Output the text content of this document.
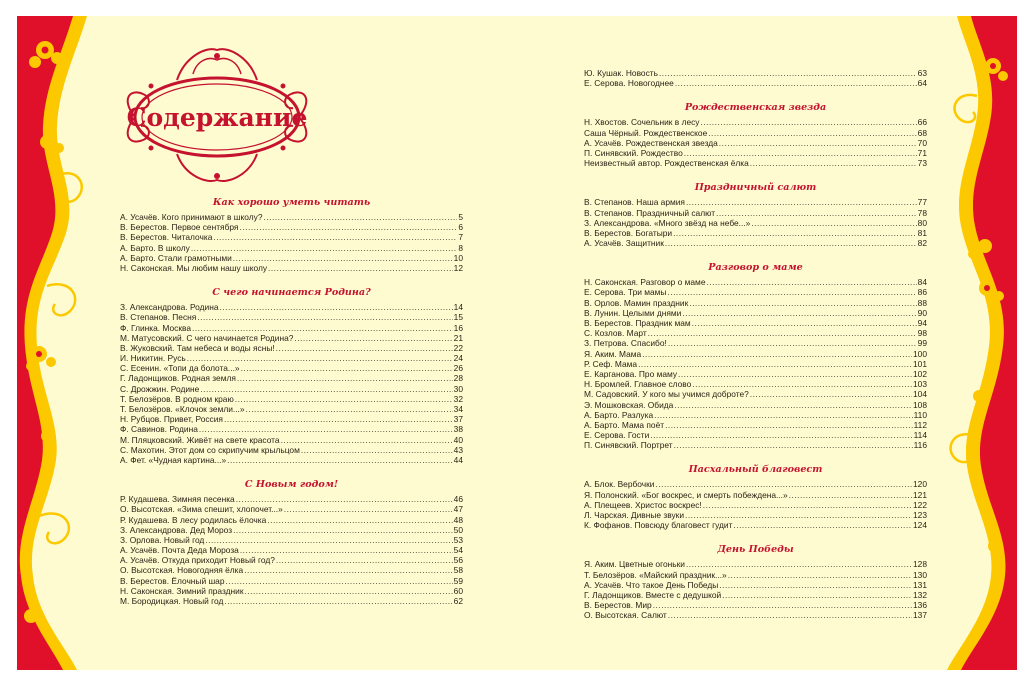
Содержание
Как хорошо уметь читать
А. Усачёв. Кого принимают в школу? .....	5
В. Берестов. Первое сентября .....	6
В. Берестов. Читалочка .....	7
А. Барто. В школу .....	8
А. Барто. Стали грамотными .....	10
Н. Саконская. Мы любим нашу школу .....	12
С чего начинается Родина?
З. Александрова. Родина .....	14
В. Степанов. Песня .....	15
Ф. Глинка. Москва .....	16
М. Матусовский. С чего начинается Родина? .....	21
В. Жуковский. Там небеса и воды ясны! .....	22
И. Никитин. Русь .....	24
С. Есенин. «Топи да болота...» .....	26
Г. Ладонщиков. Родная земля .....	28
С. Дрожжин. Родине .....	30
Т. Белозёров. В родном краю .....	32
Т. Белозёров. «Клочок земли...» .....	34
Н. Рубцов. Привет, Россия .....	37
Ф. Савинов. Родина .....	38
М. Пляцковский. Живёт на свете красота .....	40
С. Махотин. Этот дом со скрипучим крыльцом .....	43
А. Фет. «Чудная картина...» .....	44
С Новым годом!
Р. Кудашева. Зимняя песенка .....	46
О. Высотская. «Зима спешит, хлопочет...» .....	47
Р. Кудашева. В лесу родилась ёлочка .....	48
З. Александрова. Дед Мороз .....	50
З. Орлова. Новый год .....	53
А. Усачёв. Почта Деда Мороза .....	54
А. Усачёв. Откуда приходит Новый год? .....	56
О. Высотская. Новогодняя ёлка .....	58
В. Берестов. Ёлочный шар .....	59
Н. Саконская. Зимний праздник .....	60
М. Бородицкая. Новый год .....	62
Ю. Кушак. Новость .....	63
Е. Серова. Новогоднее .....	64
Рождественская звезда
Н. Хвостов. Сочельник в лесу .....	66
Саша Чёрный. Рождественское .....	68
А. Усачёв. Рождественская звезда .....	70
П. Синявский. Рождество .....	71
Неизвестный автор. Рождественская ёлка .....	73
Праздничный салют
В. Степанов. Наша армия .....	77
В. Степанов. Праздничный салют .....	78
З. Александрова. «Много звёзд на небе...» .....	80
В. Берестов. Богатыри .....	81
А. Усачёв. Защитник .....	82
Разговор о маме
Н. Саконская. Разговор о маме .....	84
Е. Серова. Три мамы .....	86
В. Орлов. Мамин праздник .....	88
В. Лунин. Целыми днями .....	90
В. Берестов. Праздник мам .....	94
С. Козлов. Март .....	98
З. Петрова. Спасибо! .....	99
Я. Аким. Мама .....	100
Р. Сеф. Мама .....	101
Е. Карганова. Про маму .....	102
Н. Бромлей. Главное слово .....	103
М. Садовский. У кого мы учимся доброте? .....	104
Э. Мошковская. Обида .....	108
А. Барто. Разлука .....	110
А. Барто. Мама поёт .....	112
Е. Серова. Гости .....	114
П. Синявский. Портрет .....	116
Пасхальный благовест
А. Блок. Вербочки .....	120
Я. Полонский. «Бог воскрес, и смерть побеждена...» .....	121
А. Плещеев. Христос воскрес! .....	122
Л. Чарская. Дивные звуки .....	123
К. Фофанов. Повсюду благовест гудит .....	124
День Победы
Я. Аким. Цветные огоньки .....	128
Т. Белозёров. «Майский праздник...» .....	130
А. Усачёв. Что такое День Победы .....	131
Г. Ладонщиков. Вместе с дедушкой .....	132
В. Берестов. Мир .....	136
О. Высотская. Салют .....	137
